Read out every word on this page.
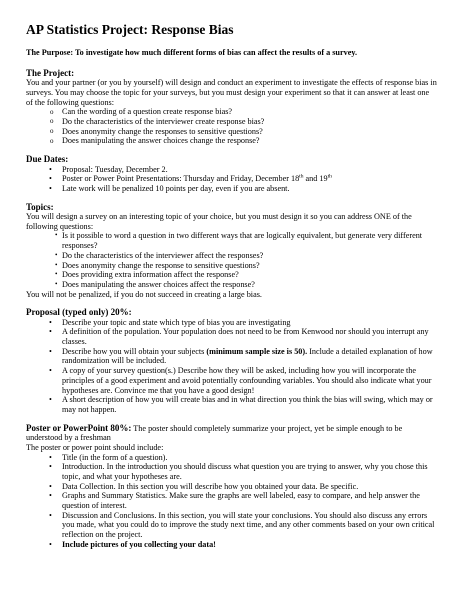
AP Statistics Project: Response Bias

The Purpose: To investigate how much different forms of bias can affect the results of a survey.

The Project:

You and your partner (or you by yourself) will design and conduct an experiment to investigate the effects of response bias in surveys. You may choose the topic for your surveys, but you must design your experiment so that it can answer at least one of the following questions:

o Can the wording of a question create response bias?
o Do the characteristics of the interviewer create response bias?
o Does anonymity change the responses to sensitive questions?
o Does manipulating the answer choices change the response?
Due Dates:
• Proposal: Tuesday, December 2.
• Poster or Power Point Presentations: Thursday and Friday, December 18th and 19th
• Late work will be penalized 10 points per day, even if you are absent.
Topics:

You will design a survey on an interesting topic of your choice, but you must design it so you can address ONE of the following questions:

• Is it possible to word a question in two different ways that are logically equivalent, but generate very different responses?
• Do the characteristics of the interviewer affect the responses?
• Does anonymity change the response to sensitive questions?
• Does providing extra information affect the response?
• Does manipulating the answer choices affect the response?

You will not be penalized, if you do not succeed in creating a large bias.

Proposal (typed only) 20%:
• Describe your topic and state which type of bias you are investigating
• A definition of the population. Your population does not need to be from Kenwood nor should you interrupt any classes.
• Describe how you will obtain your subjects (minimum sample size is 50). Include a detailed explanation of how randomization will be included.
• A copy of your survey question(s.) Describe how they will be asked, including how you will incorporate the principles of a good experiment and avoid potentially confounding variables. You should also indicate what your hypotheses are. Convince me that you have a good design!
• A short description of how you will create bias and in what direction you think the bias will swing, which may or may not happen.

Poster or PowerPoint 80%: The poster should completely summarize your project, yet be simple enough to be understood by a freshman

The poster or power point should include:

• Title (in the form of a question).
• Introduction. In the introduction you should discuss what question you are trying to answer, why you chose this topic, and what your hypotheses are.
• Data Collection. In this section you will describe how you obtained your data. Be specific.
• Graphs and Summary Statistics. Make sure the graphs are well labeled, easy to compare, and help answer the question of interest.
• Discussion and Conclusions. In this section, you will state your conclusions. You should also discuss any errors you made, what you could do to improve the study next time, and any other comments based on your own critical reflection on the project.
• Include pictures of you collecting your data!
